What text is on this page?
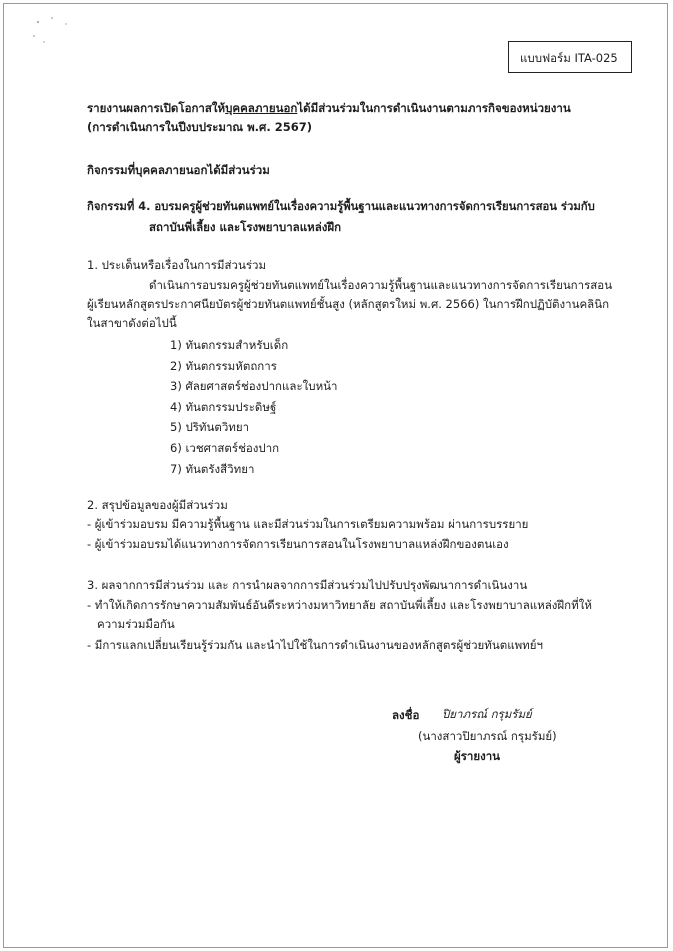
แบบฟอร์ม ITA-025
รายงานผลการเปิดโอกาสให้บุคคลภายนอกได้มีส่วนร่วมในการดำเนินงานตามภารกิจของหน่วยงาน
(การดำเนินการในปีงบประมาณ พ.ศ. 2567)
กิจกรรมที่บุคคลภายนอกได้มีส่วนร่วม
กิจกรรมที่ 4. อบรมครูผู้ช่วยทันตแพทย์ในเรื่องความรู้พื้นฐานและแนวทางการจัดการเรียนการสอน ร่วมกับ
สถาบันพี่เลี้ยง และโรงพยาบาลแหล่งฝึก
1. ประเด็นหรือเรื่องในการมีส่วนร่วม
ดำเนินการอบรมครูผู้ช่วยทันตแพทย์ในเรื่องความรู้พื้นฐานและแนวทางการจัดการเรียนการสอน
ผู้เรียนหลักสูตรประกาศนียบัตรผู้ช่วยทันตแพทย์ชั้นสูง (หลักสูตรใหม่ พ.ศ. 2566) ในการฝึกปฏิบัติงานคลินิก
ในสาขาดังต่อไปนี้
1) ทันตกรรมสำหรับเด็ก
2) ทันตกรรมหัตถการ
3) ศัลยศาสตร์ช่องปากและใบหน้า
4) ทันตกรรมประดิษฐ์
5) ปริทันตวิทยา
6) เวชศาสตร์ช่องปาก
7) ทันตรังสีวิทยา
2. สรุปข้อมูลของผู้มีส่วนร่วม
- ผู้เข้าร่วมอบรม มีความรู้พื้นฐาน และมีส่วนร่วมในการเตรียมความพร้อม ผ่านการบรรยาย
- ผู้เข้าร่วมอบรมได้แนวทางการจัดการเรียนการสอนในโรงพยาบาลแหล่งฝึกของตนเอง
3. ผลจากการมีส่วนร่วม และ การนำผลจากการมีส่วนร่วมไปปรับปรุงพัฒนาการดำเนินงาน
- ทำให้เกิดการรักษาความสัมพันธ์อันดีระหว่างมหาวิทยาลัย สถาบันพี่เลี้ยง และโรงพยาบาลแหล่งฝึกที่ให้
ความร่วมมือกัน
- มีการแลกเปลี่ยนเรียนรู้ร่วมกัน และนำไปใช้ในการดำเนินงานของหลักสูตรผู้ช่วยทันตแพทย์ฯ
ลงชื่อ ปิยาภรณ์ กรุมรัมย์
(นางสาวปิยาภรณ์ กรุมรัมย์)
ผู้รายงาน
